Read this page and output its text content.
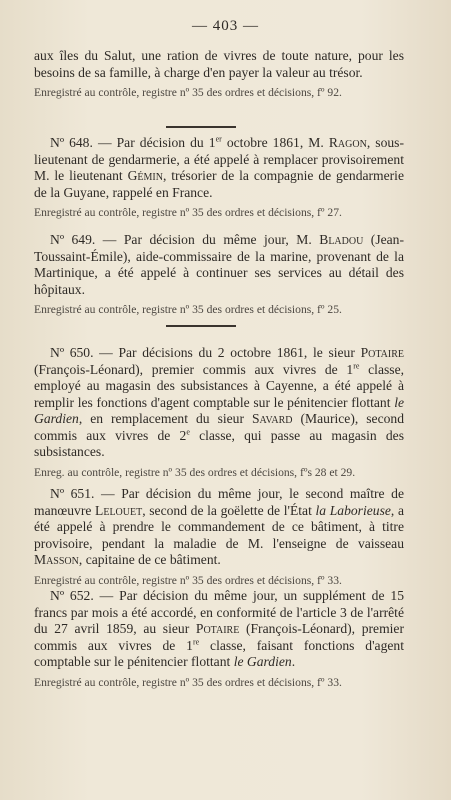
— 403 —

aux îles du Salut, une ration de vivres de toute nature, pour les besoins de sa famille, à charge d'en payer la valeur au trésor.

Enregistré au contrôle, registre nº 35 des ordres et décisions, fº 92.

Nº 648. — Par décision du 1er octobre 1861, M. Ragon, sous-lieutenant de gendarmerie, a été appelé à remplacer provisoirement M. le lieutenant Gémin, trésorier de la compagnie de gendarmerie de la Guyane, rappelé en France.

Enregistré au contrôle, registre nº 35 des ordres et décisions, fº 27.

Nº 649. — Par décision du même jour, M. Bladou (Jean-Toussaint-Émile), aide-commissaire de la marine, provenant de la Martinique, a été appelé à continuer ses services au détail des hôpitaux.

Enregistré au contrôle, registre nº 35 des ordres et décisions, fº 25.

Nº 650. — Par décisions du 2 octobre 1861, le sieur Potaire (François-Léonard), premier commis aux vivres de 1re classe, employé au magasin des subsistances à Cayenne, a été appelé à remplir les fonctions d'agent comptable sur le pénitencier flottant le Gardien, en remplacement du sieur Savard (Maurice), second commis aux vivres de 2e classe, qui passe au magasin des subsistances.

Enreg. au contrôle, registre nº 35 des ordres et décisions, fºs 28 et 29.

Nº 651. — Par décision du même jour, le second maître de manœuvre Lelouet, second de la goëlette de l'État la Laborieuse, a été appelé à prendre le commandement de ce bâtiment, à titre provisoire, pendant la maladie de M. l'enseigne de vaisseau Masson, capitaine de ce bâtiment.

Enregistré au contrôle, registre nº 35 des ordres et décisions, fº 33.

Nº 652. — Par décision du même jour, un supplément de 15 francs par mois a été accordé, en conformité de l'article 3 de l'arrêté du 27 avril 1859, au sieur Potaire (François-Léonard), premier commis aux vivres de 1re classe, faisant fonctions d'agent comptable sur le pénitencier flottant le Gardien.

Enregistré au contrôle, registre nº 35 des ordres et décisions, fº 33.
